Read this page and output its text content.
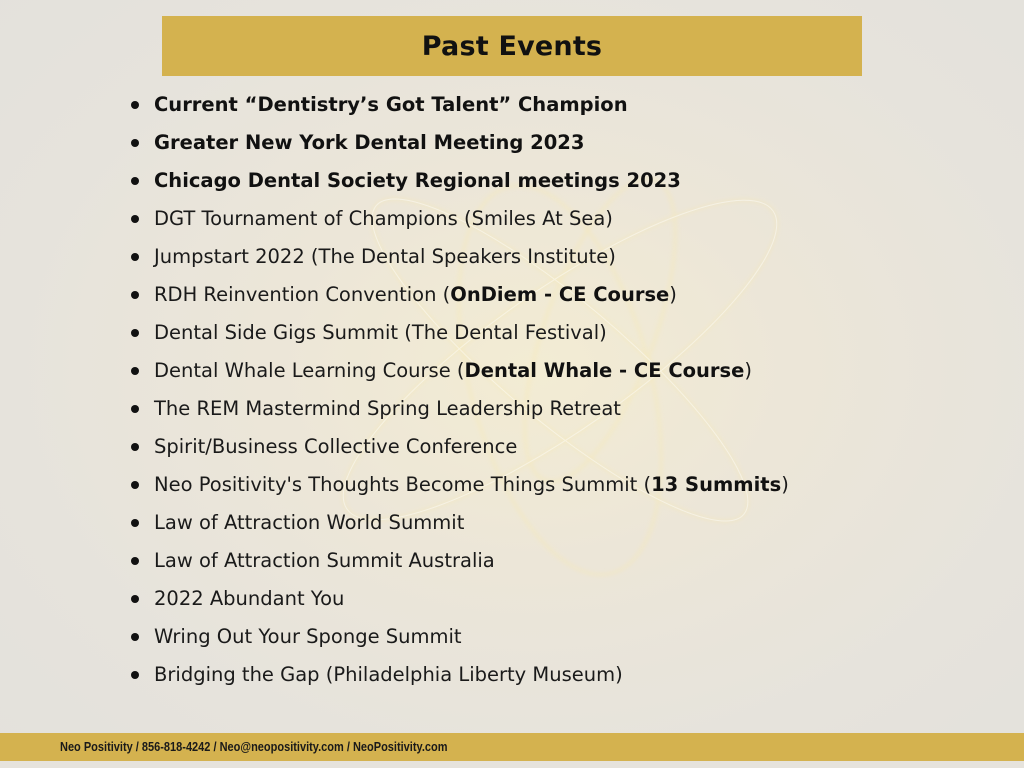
Past Events
Current “Dentistry’s Got Talent” Champion
Greater New York Dental Meeting 2023
Chicago Dental Society Regional meetings 2023
DGT Tournament of Champions (Smiles At Sea)
Jumpstart 2022 (The Dental Speakers Institute)
RDH Reinvention Convention (OnDiem - CE Course)
Dental Side Gigs Summit (The Dental Festival)
Dental Whale Learning Course (Dental Whale - CE Course)
The REM Mastermind Spring Leadership Retreat
Spirit/Business Collective Conference
Neo Positivity's Thoughts Become Things Summit (13 Summits)
Law of Attraction World Summit
Law of Attraction Summit Australia
2022 Abundant You
Wring Out Your Sponge Summit
Bridging the Gap (Philadelphia Liberty Museum)
Neo Positivity / 856-818-4242 / Neo@neopositivity.com / NeoPositivity.com
